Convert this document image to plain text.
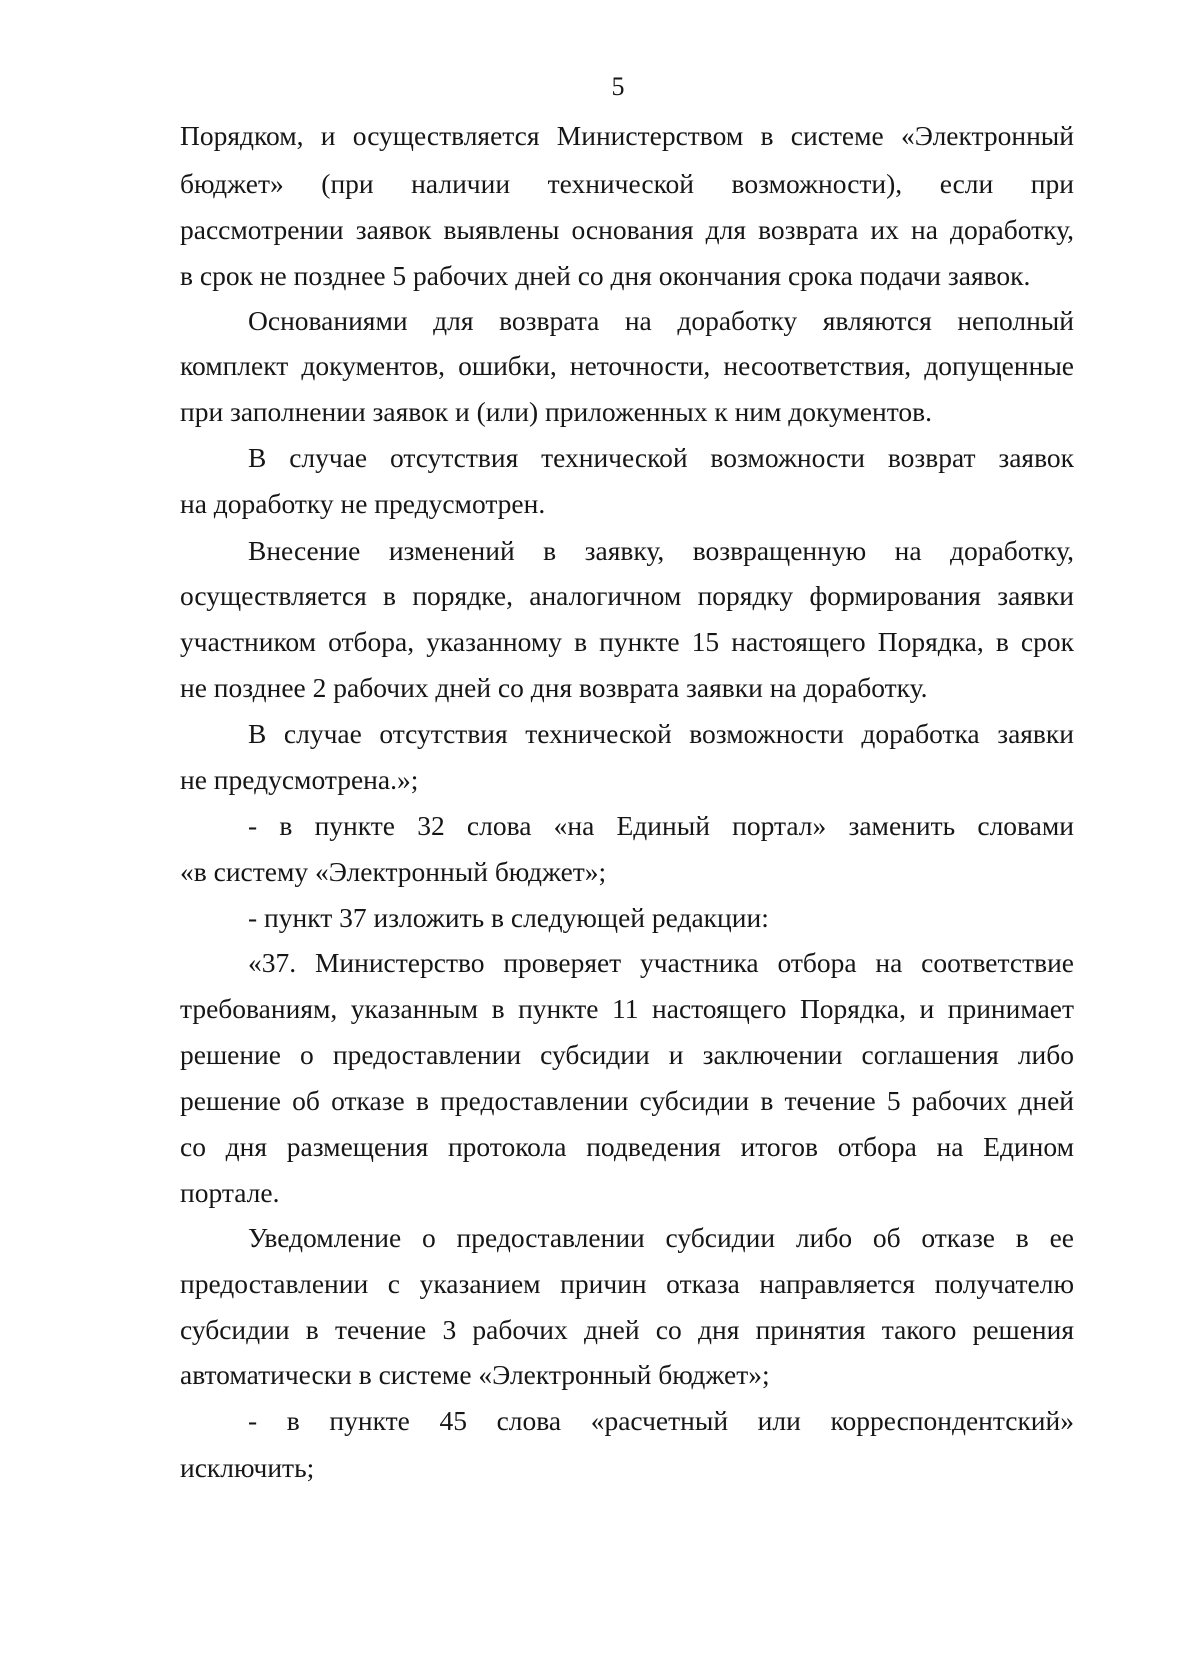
5
Порядком, и осуществляется Министерством в системе «Электронный
бюджет» (при наличии технической возможности), если при
рассмотрении заявок выявлены основания для возврата их на доработку,
в срок не позднее 5 рабочих дней со дня окончания срока подачи заявок.
Основаниями для возврата на доработку являются неполный
комплект документов, ошибки, неточности, несоответствия, допущенные
при заполнении заявок и (или) приложенных к ним документов.
В случае отсутствия технической возможности возврат заявок
на доработку не предусмотрен.
Внесение изменений в заявку, возвращенную на доработку,
осуществляется в порядке, аналогичном порядку формирования заявки
участником отбора, указанному в пункте 15 настоящего Порядка, в срок
не позднее 2 рабочих дней со дня возврата заявки на доработку.
В случае отсутствия технической возможности доработка заявки
не предусмотрена.»;
- в пункте 32 слова «на Единый портал» заменить словами
«в систему «Электронный бюджет»;
- пункт 37 изложить в следующей редакции:
«37. Министерство проверяет участника отбора на соответствие
требованиям, указанным в пункте 11 настоящего Порядка, и принимает
решение о предоставлении субсидии и заключении соглашения либо
решение об отказе в предоставлении субсидии в течение 5 рабочих дней
со дня размещения протокола подведения итогов отбора на Едином
портале.
Уведомление о предоставлении субсидии либо об отказе в ее
предоставлении с указанием причин отказа направляется получателю
субсидии в течение 3 рабочих дней со дня принятия такого решения
автоматически в системе «Электронный бюджет»;
- в пункте 45 слова «расчетный или корреспондентский»
исключить;
